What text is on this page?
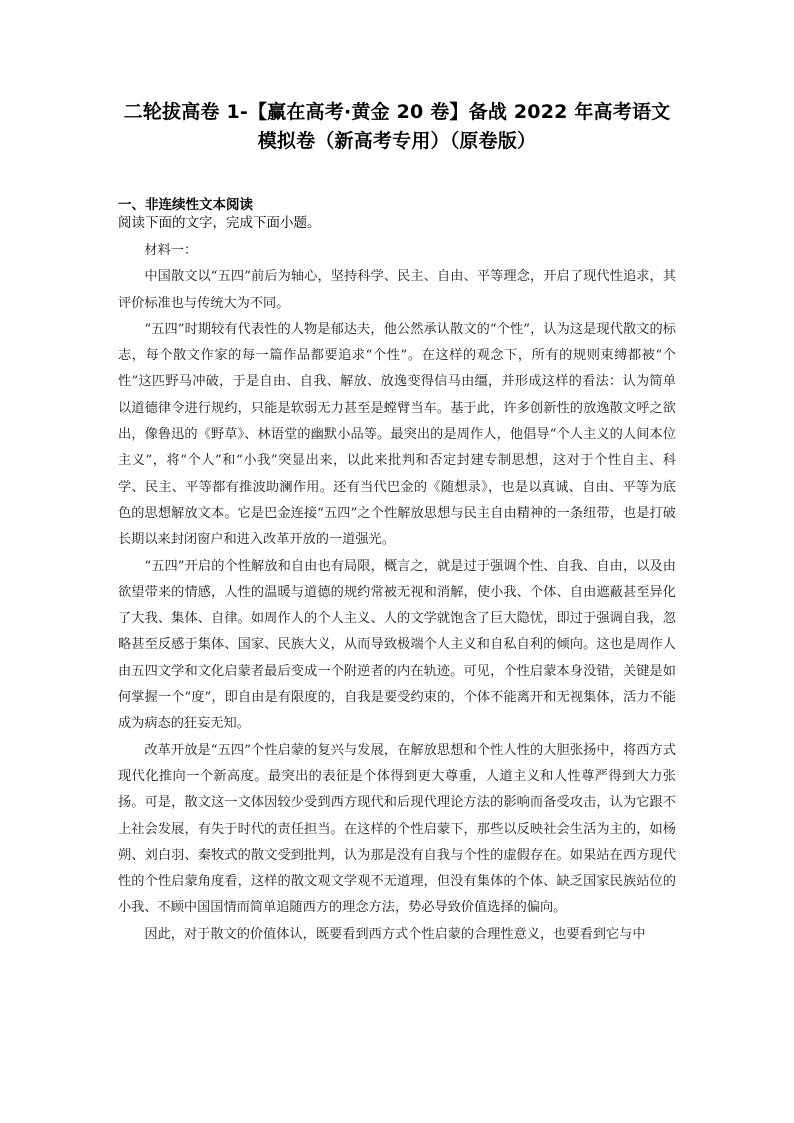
二轮拔高卷 1-【赢在高考·黄金 20 卷】备战 2022 年高考语文
模拟卷（新高考专用）（原卷版）
一、非连续性文本阅读
阅读下面的文字，完成下面小题。

材料一：

中国散文以“五四”前后为轴心，坚持科学、民主、自由、平等理念，开启了现代性追求，其评价标准也与传统大为不同。

“五四”时期较有代表性的人物是郁达夫，他公然承认散文的“个性”，认为这是现代散文的标志，每个散文作家的每一篇作品都要追求“个性”。在这样的观念下，所有的规则束缚都被“个性”这匹野马冲破，于是自由、自我、解放、放逸变得信马由缰，并形成这样的看法：认为简单以道德律令进行规约，只能是软弱无力甚至是螳臂当车。基于此，许多创新性的放逸散文呼之欲出，像鲁迅的《野草》、林语堂的幽默小品等。最突出的是周作人，他倡导“个人主义的人间本位主义”，将“个人”和“小我”突显出来，以此来批判和否定封建专制思想，这对于个性自主、科学、民主、平等都有推波助澜作用。还有当代巴金的《随想录》，也是以真诚、自由、平等为底色的思想解放文本。它是巴金连接“五四”之个性解放思想与民主自由精神的一条纽带，也是打破长期以来封闭窗户和进入改革开放的一道强光。

“五四”开启的个性解放和自由也有局限，概言之，就是过于强调个性、自我、自由，以及由欲望带来的情感，人性的温暖与道德的规约常被无视和消解，使小我、个体、自由遮蔽甚至异化了大我、集体、自律。如周作人的个人主义、人的文学就饱含了巨大隐忧，即过于强调自我，忽略甚至反感于集体、国家、民族大义，从而导致极端个人主义和自私自利的倾向。这也是周作人由五四文学和文化启蒙者最后变成一个附逆者的内在轨迹。可见，个性启蒙本身没错，关键是如何掌握一个“度”，即自由是有限度的，自我是要受约束的，个体不能离开和无视集体，活力不能成为病态的狂妄无知。

改革开放是“五四”个性启蒙的复兴与发展，在解放思想和个性人性的大胆张扬中，将西方式现代化推向一个新高度。最突出的表征是个体得到更大尊重，人道主义和人性尊严得到大力张扬。可是，散文这一文体因较少受到西方现代和后现代理论方法的影响而备受攻击，认为它跟不上社会发展，有失于时代的责任担当。在这样的个性启蒙下，那些以反映社会生活为主的，如杨朔、刘白羽、秦牧式的散文受到批判，认为那是没有自我与个性的虚假存在。如果站在西方现代性的个性启蒙角度看，这样的散文观文学观不无道理，但没有集体的个体、缺乏国家民族站位的小我、不顾中国国情而简单追随西方的理念方法，势必导致价值选择的偏向。

因此，对于散文的价值体认，既要看到西方式个性启蒙的合理性意义，也要看到它与中
